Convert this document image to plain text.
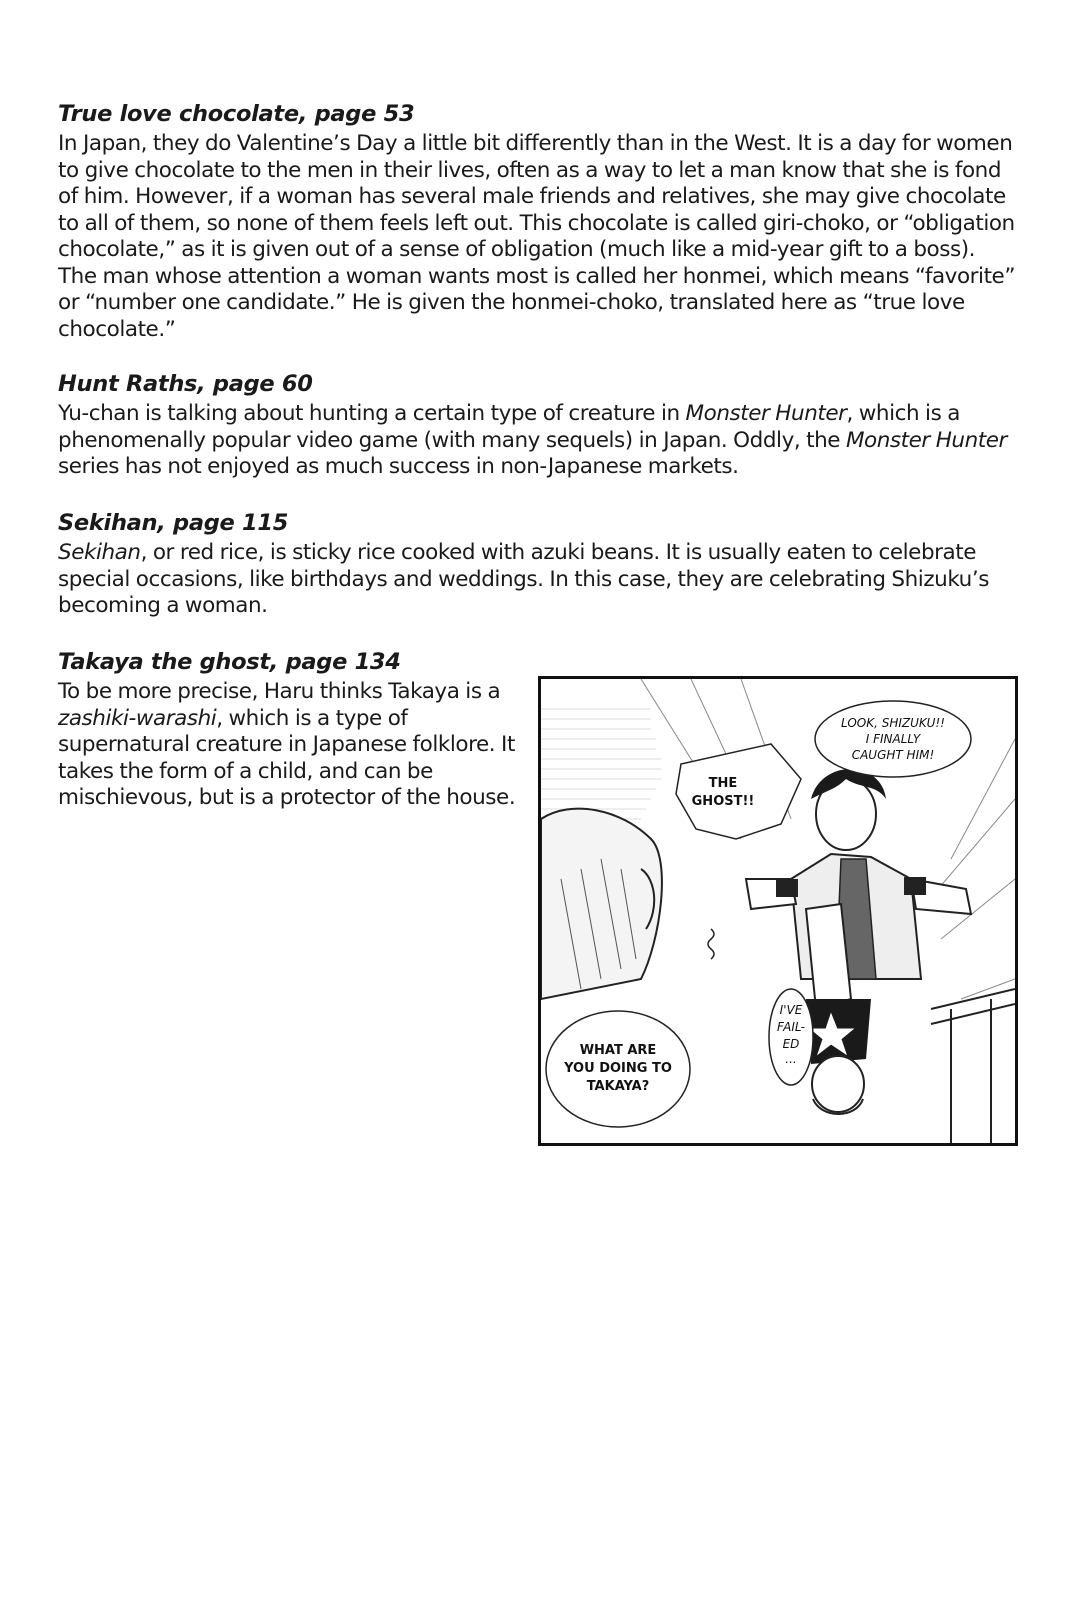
True love chocolate, page 53

In Japan, they do Valentine’s Day a little bit differently than in the West. It is a day for women to give chocolate to the men in their lives, often as a way to let a man know that she is fond of him. However, if a woman has several male friends and relatives, she may give chocolate to all of them, so none of them feels left out. This chocolate is called giri-choko, or “obligation chocolate,” as it is given out of a sense of obligation (much like a mid-year gift to a boss). The man whose attention a woman wants most is called her honmei, which means “favorite” or “number one candidate.” He is given the honmei-choko, translated here as “true love chocolate.”

Hunt Raths, page 60

Yu-chan is talking about hunting a certain type of creature in Monster Hunter, which is a phenomenally popular video game (with many sequels) in Japan. Oddly, the Monster Hunter series has not enjoyed as much success in non-Japanese markets.

Sekihan, page 115

Sekihan, or red rice, is sticky rice cooked with azuki beans. It is usually eaten to celebrate special occasions, like birthdays and weddings. In this case, they are celebrating Shizuku’s becoming a woman.

Takaya the ghost, page 134

To be more precise, Haru thinks Takaya is a zashiki-warashi, which is a type of supernatural creature in Japanese folklore. It takes the form of a child, and can be mischievous, but is a protector of the house.

LOOK, SHIZUKU!!
I FINALLY
CAUGHT HIM!
THE
GHOST!!
WHAT ARE
YOU DOING TO
TAKAYA?
I'VE
FAIL-
ED
...
